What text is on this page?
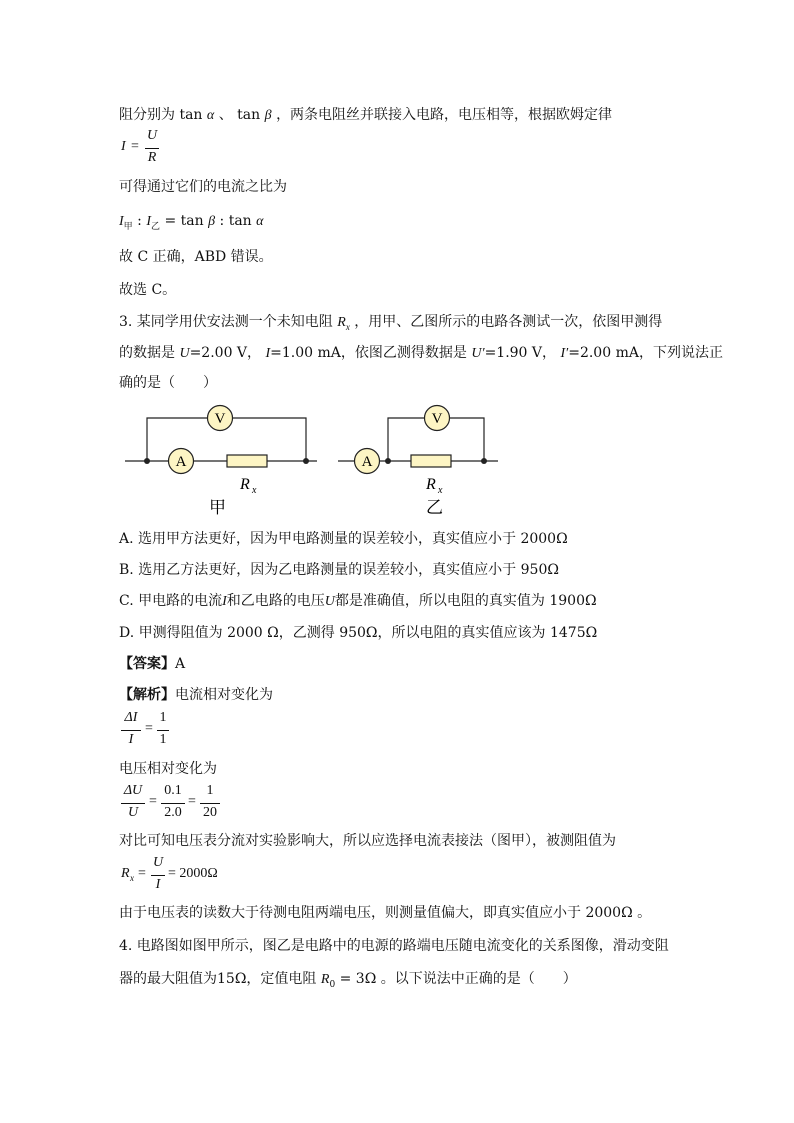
阻分别为 tan α 、 tan β ，两条电阻丝并联接入电路，电压相等，根据欧姆定律
I =
U
R
可得通过它们的电流之比为
$I_甲$ : $I_乙 = \tan \beta$ : tan α
故 C 正确，ABD 错误。
故选 C。
3. 某同学用伏安法测一个未知电阻 $R_x$ ，用甲、乙图所示的电路各测试一次，依图甲测得
的数据是 U=2.00 V， I=1.00 mA，依图乙测得数据是 U′=1.90 V， I′=2.00 mA，下列说法正
确的是（　　）
V
A
R x
甲
V
A
R x
乙
A. 选用甲方法更好，因为甲电路测量的误差较小，真实值应小于 2000Ω
B. 选用乙方法更好，因为乙电路测量的误差较小，真实值应小于 950Ω
C. 甲电路的电流I和乙电路的电压U都是准确值，所以电阻的真实值为 1900Ω
D. 甲测得阻值为 2000 Ω，乙测得 950Ω，所以电阻的真实值应该为 1475Ω
【答案】A
【解析】电流相对变化为
ΔI
I
=
1
1
电压相对变化为
ΔU
U
=
0.1
2.0
=
1
20
对比可知电压表分流对实验影响大，所以应选择电流表接法（图甲），被测阻值为
R x =
U
I
= 2000Ω
由于电压表的读数大于待测电阻两端电压，则测量值偏大，即真实值应小于 2000Ω 。
4. 电路图如图甲所示，图乙是电路中的电源的路端电压随电流变化的关系图像，滑动变阻
器的最大阻值为15Ω，定值电阻 $R_0 = 3\Omega$ 。以下说法中正确的是（　　）
